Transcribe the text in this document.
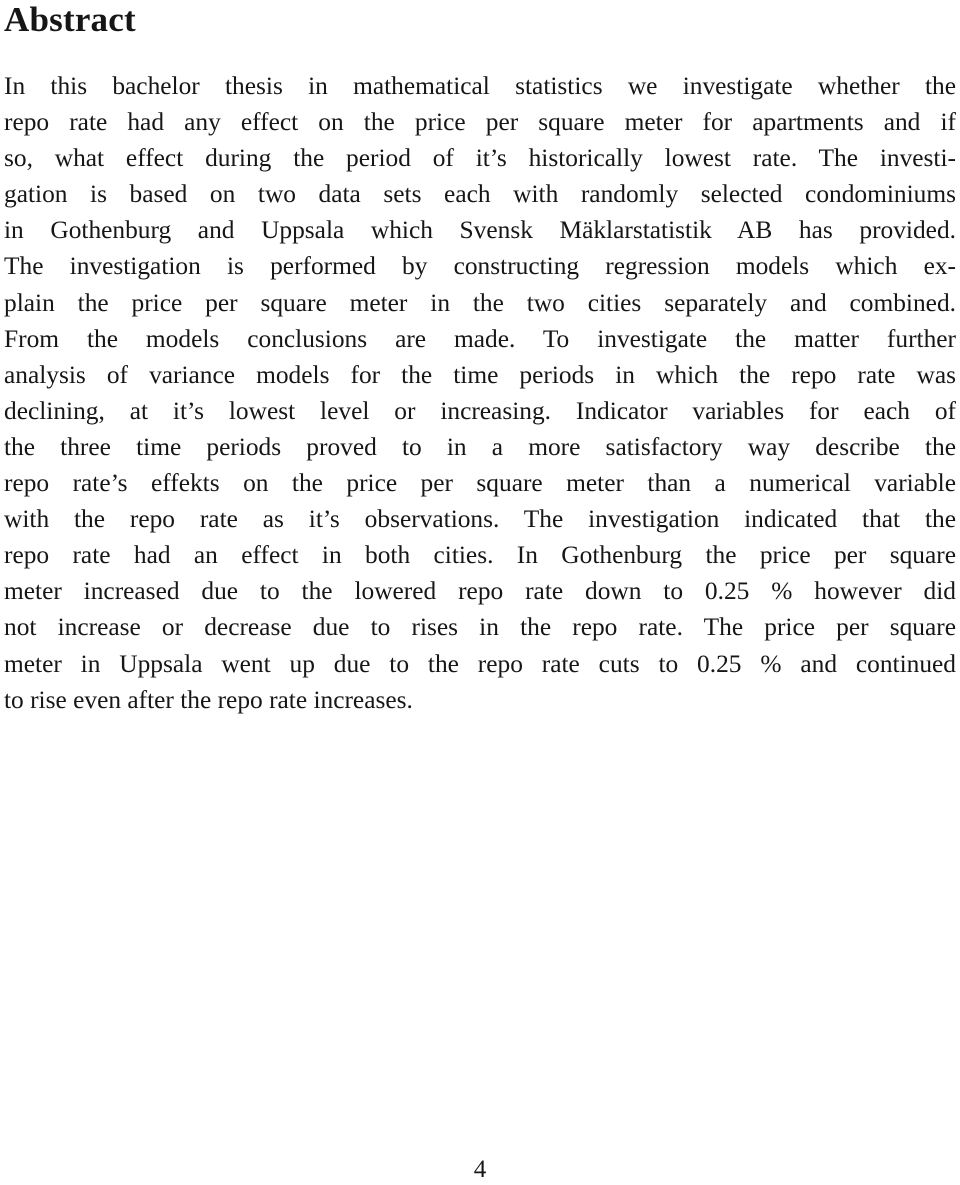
Abstract
In this bachelor thesis in mathematical statistics we investigate whether the
repo rate had any effect on the price per square meter for apartments and if
so, what effect during the period of it’s historically lowest rate. The investi-
gation is based on two data sets each with randomly selected condominiums
in Gothenburg and Uppsala which Svensk Mäklarstatistik AB has provided.
The investigation is performed by constructing regression models which ex-
plain the price per square meter in the two cities separately and combined.
From the models conclusions are made. To investigate the matter further
analysis of variance models for the time periods in which the repo rate was
declining, at it’s lowest level or increasing. Indicator variables for each of
the three time periods proved to in a more satisfactory way describe the
repo rate’s effekts on the price per square meter than a numerical variable
with the repo rate as it’s observations. The investigation indicated that the
repo rate had an effect in both cities. In Gothenburg the price per square
meter increased due to the lowered repo rate down to 0.25 % however did
not increase or decrease due to rises in the repo rate. The price per square
meter in Uppsala went up due to the repo rate cuts to 0.25 % and continued
to rise even after the repo rate increases.
4
